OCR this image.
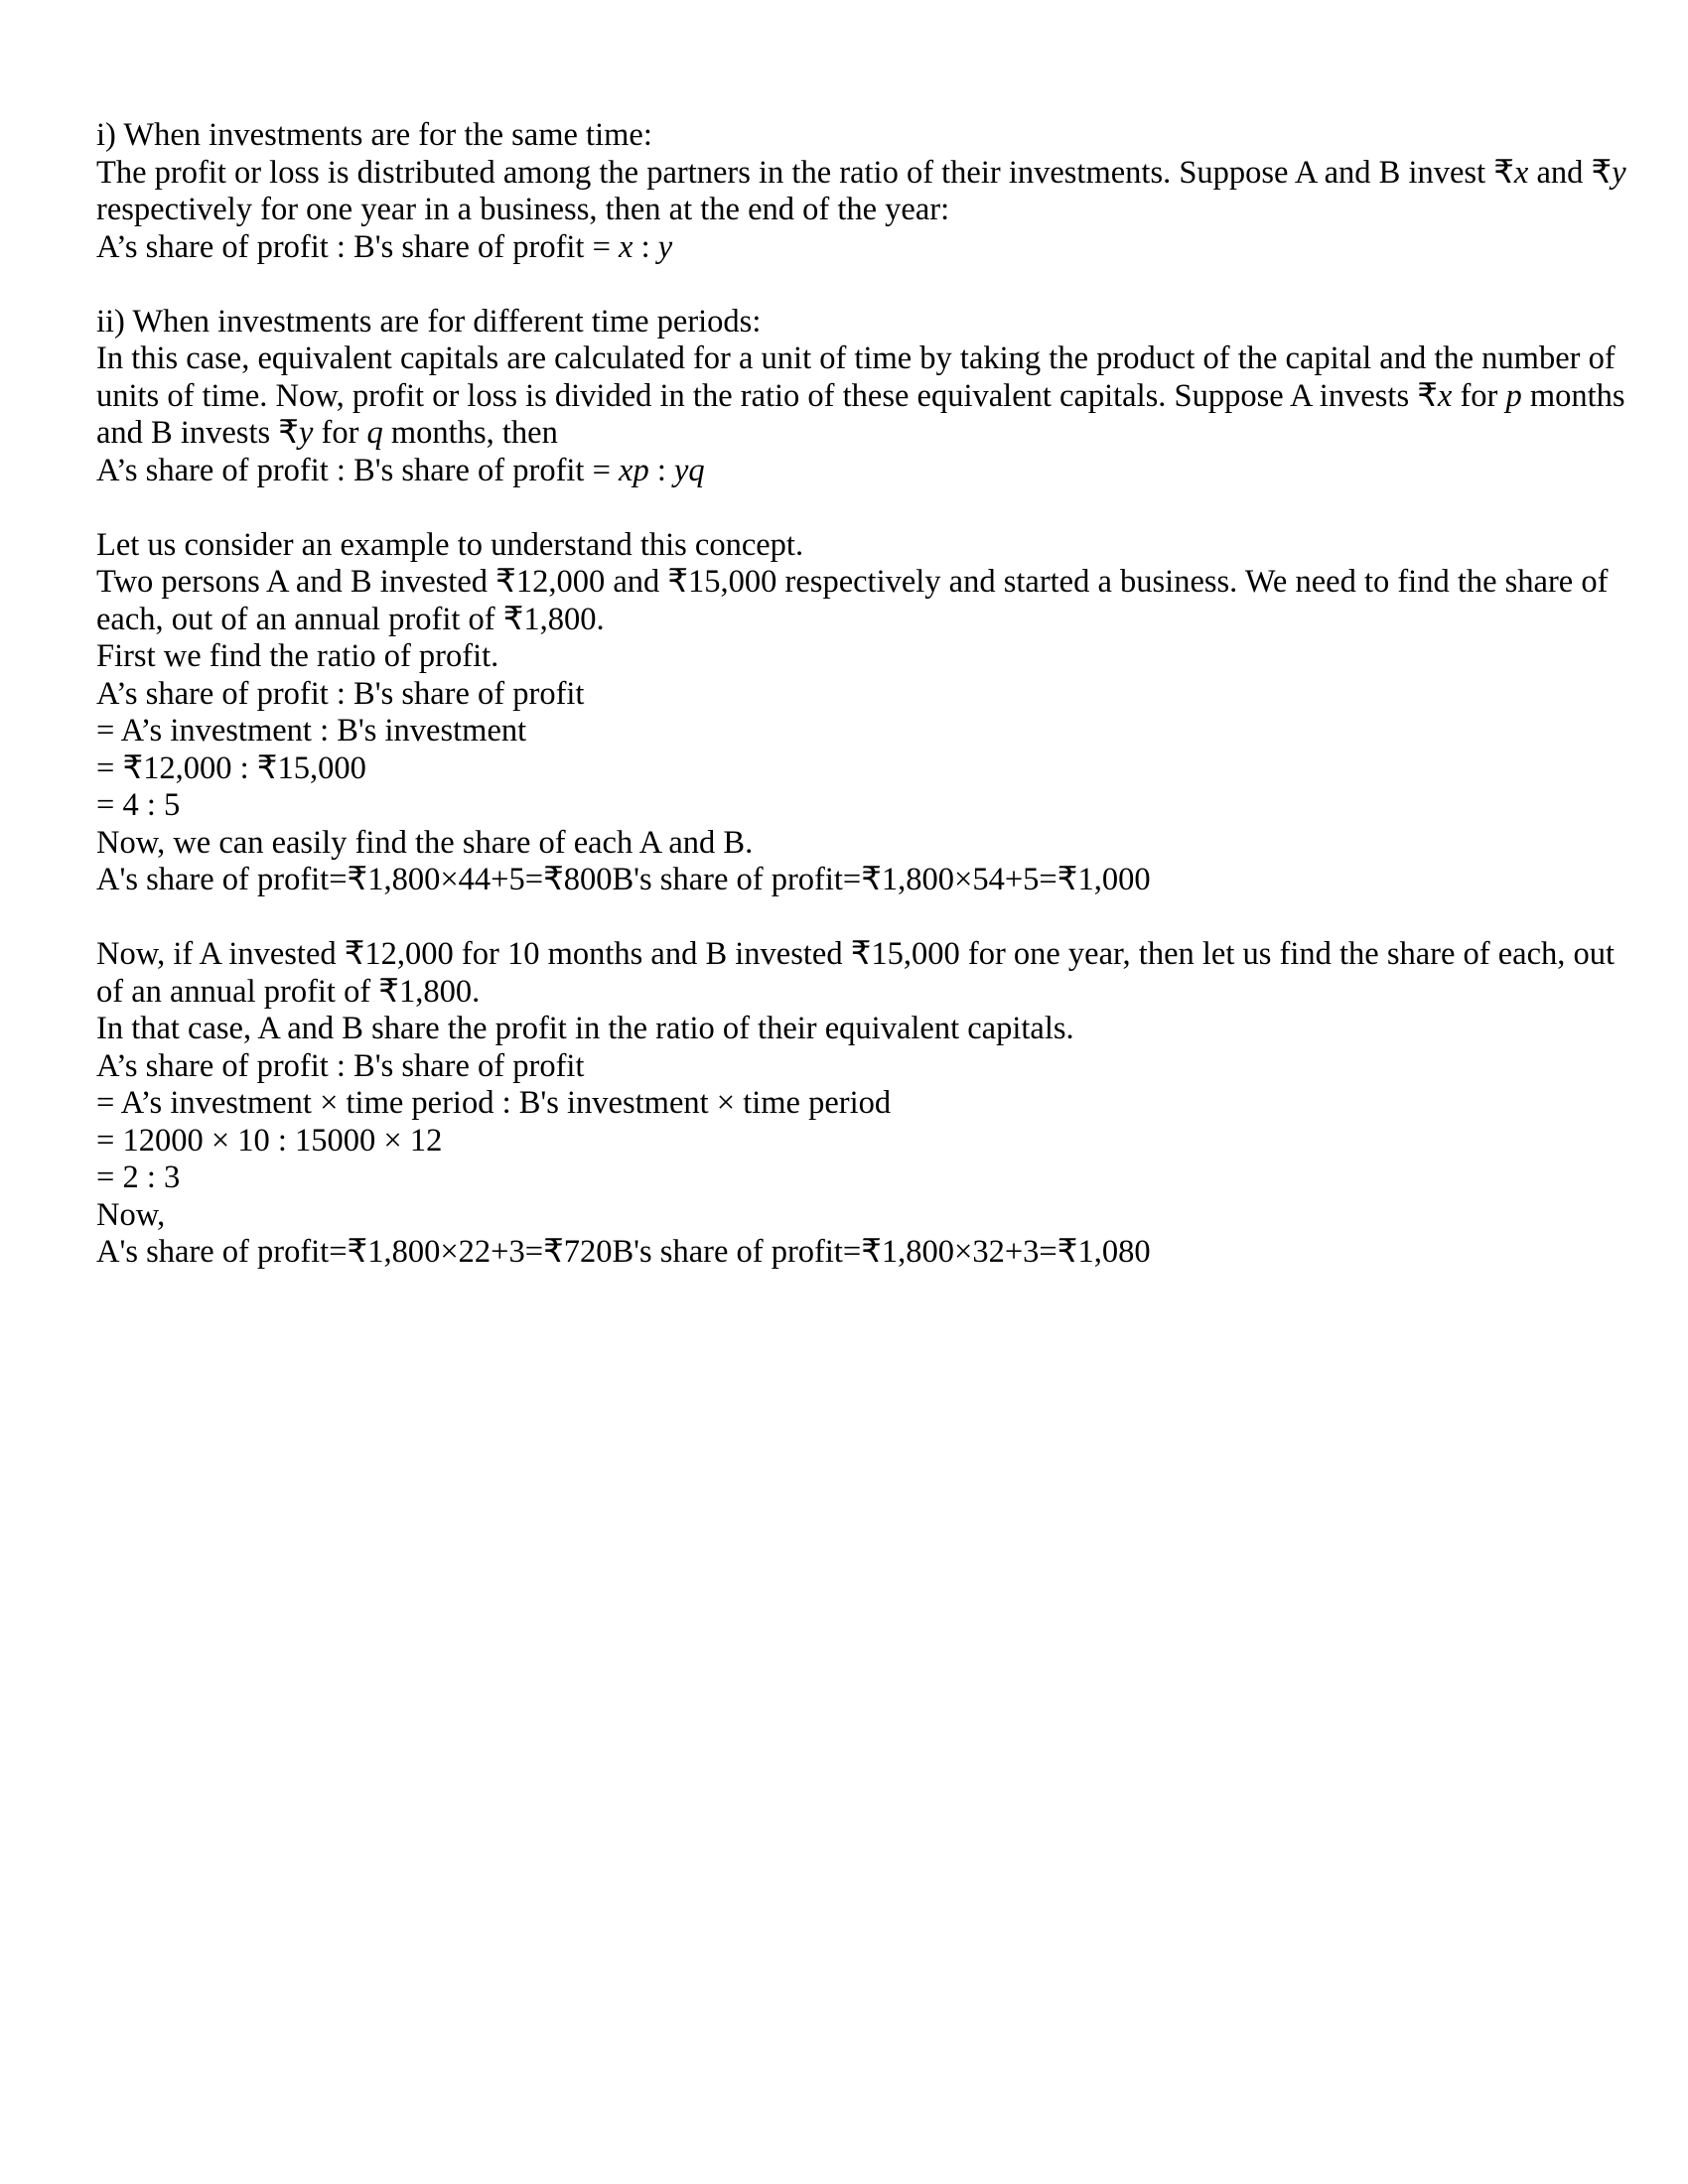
i) When investments are for the same time:
The profit or loss is distributed among the partners in the ratio of their investments. Suppose A and B invest ₹x and ₹y respectively for one year in a business, then at the end of the year:
A’s share of profit : B's share of profit = x : y
ii) When investments are for different time periods:
In this case, equivalent capitals are calculated for a unit of time by taking the product of the capital and the number of units of time. Now, profit or loss is divided in the ratio of these equivalent capitals. Suppose A invests ₹x for p months and B invests ₹y for q months, then
A’s share of profit : B's share of profit = xp : yq
Let us consider an example to understand this concept.
Two persons A and B invested ₹12,000 and ₹15,000 respectively and started a business. We need to find the share of each, out of an annual profit of ₹1,800.
First we find the ratio of profit.
A’s share of profit : B's share of profit
= A’s investment : B's investment
= ₹12,000 : ₹15,000
= 4 : 5
Now, we can easily find the share of each A and B.
A's share of profit=₹1,800×44+5=₹800B's share of profit=₹1,800×54+5=₹1,000
Now, if A invested ₹12,000 for 10 months and B invested ₹15,000 for one year, then let us find the share of each, out of an annual profit of ₹1,800.
In that case, A and B share the profit in the ratio of their equivalent capitals.
A’s share of profit : B's share of profit
= A’s investment × time period : B's investment × time period
= 12000 × 10 : 15000 × 12
= 2 : 3
Now,
A's share of profit=₹1,800×22+3=₹720B's share of profit=₹1,800×32+3=₹1,080
